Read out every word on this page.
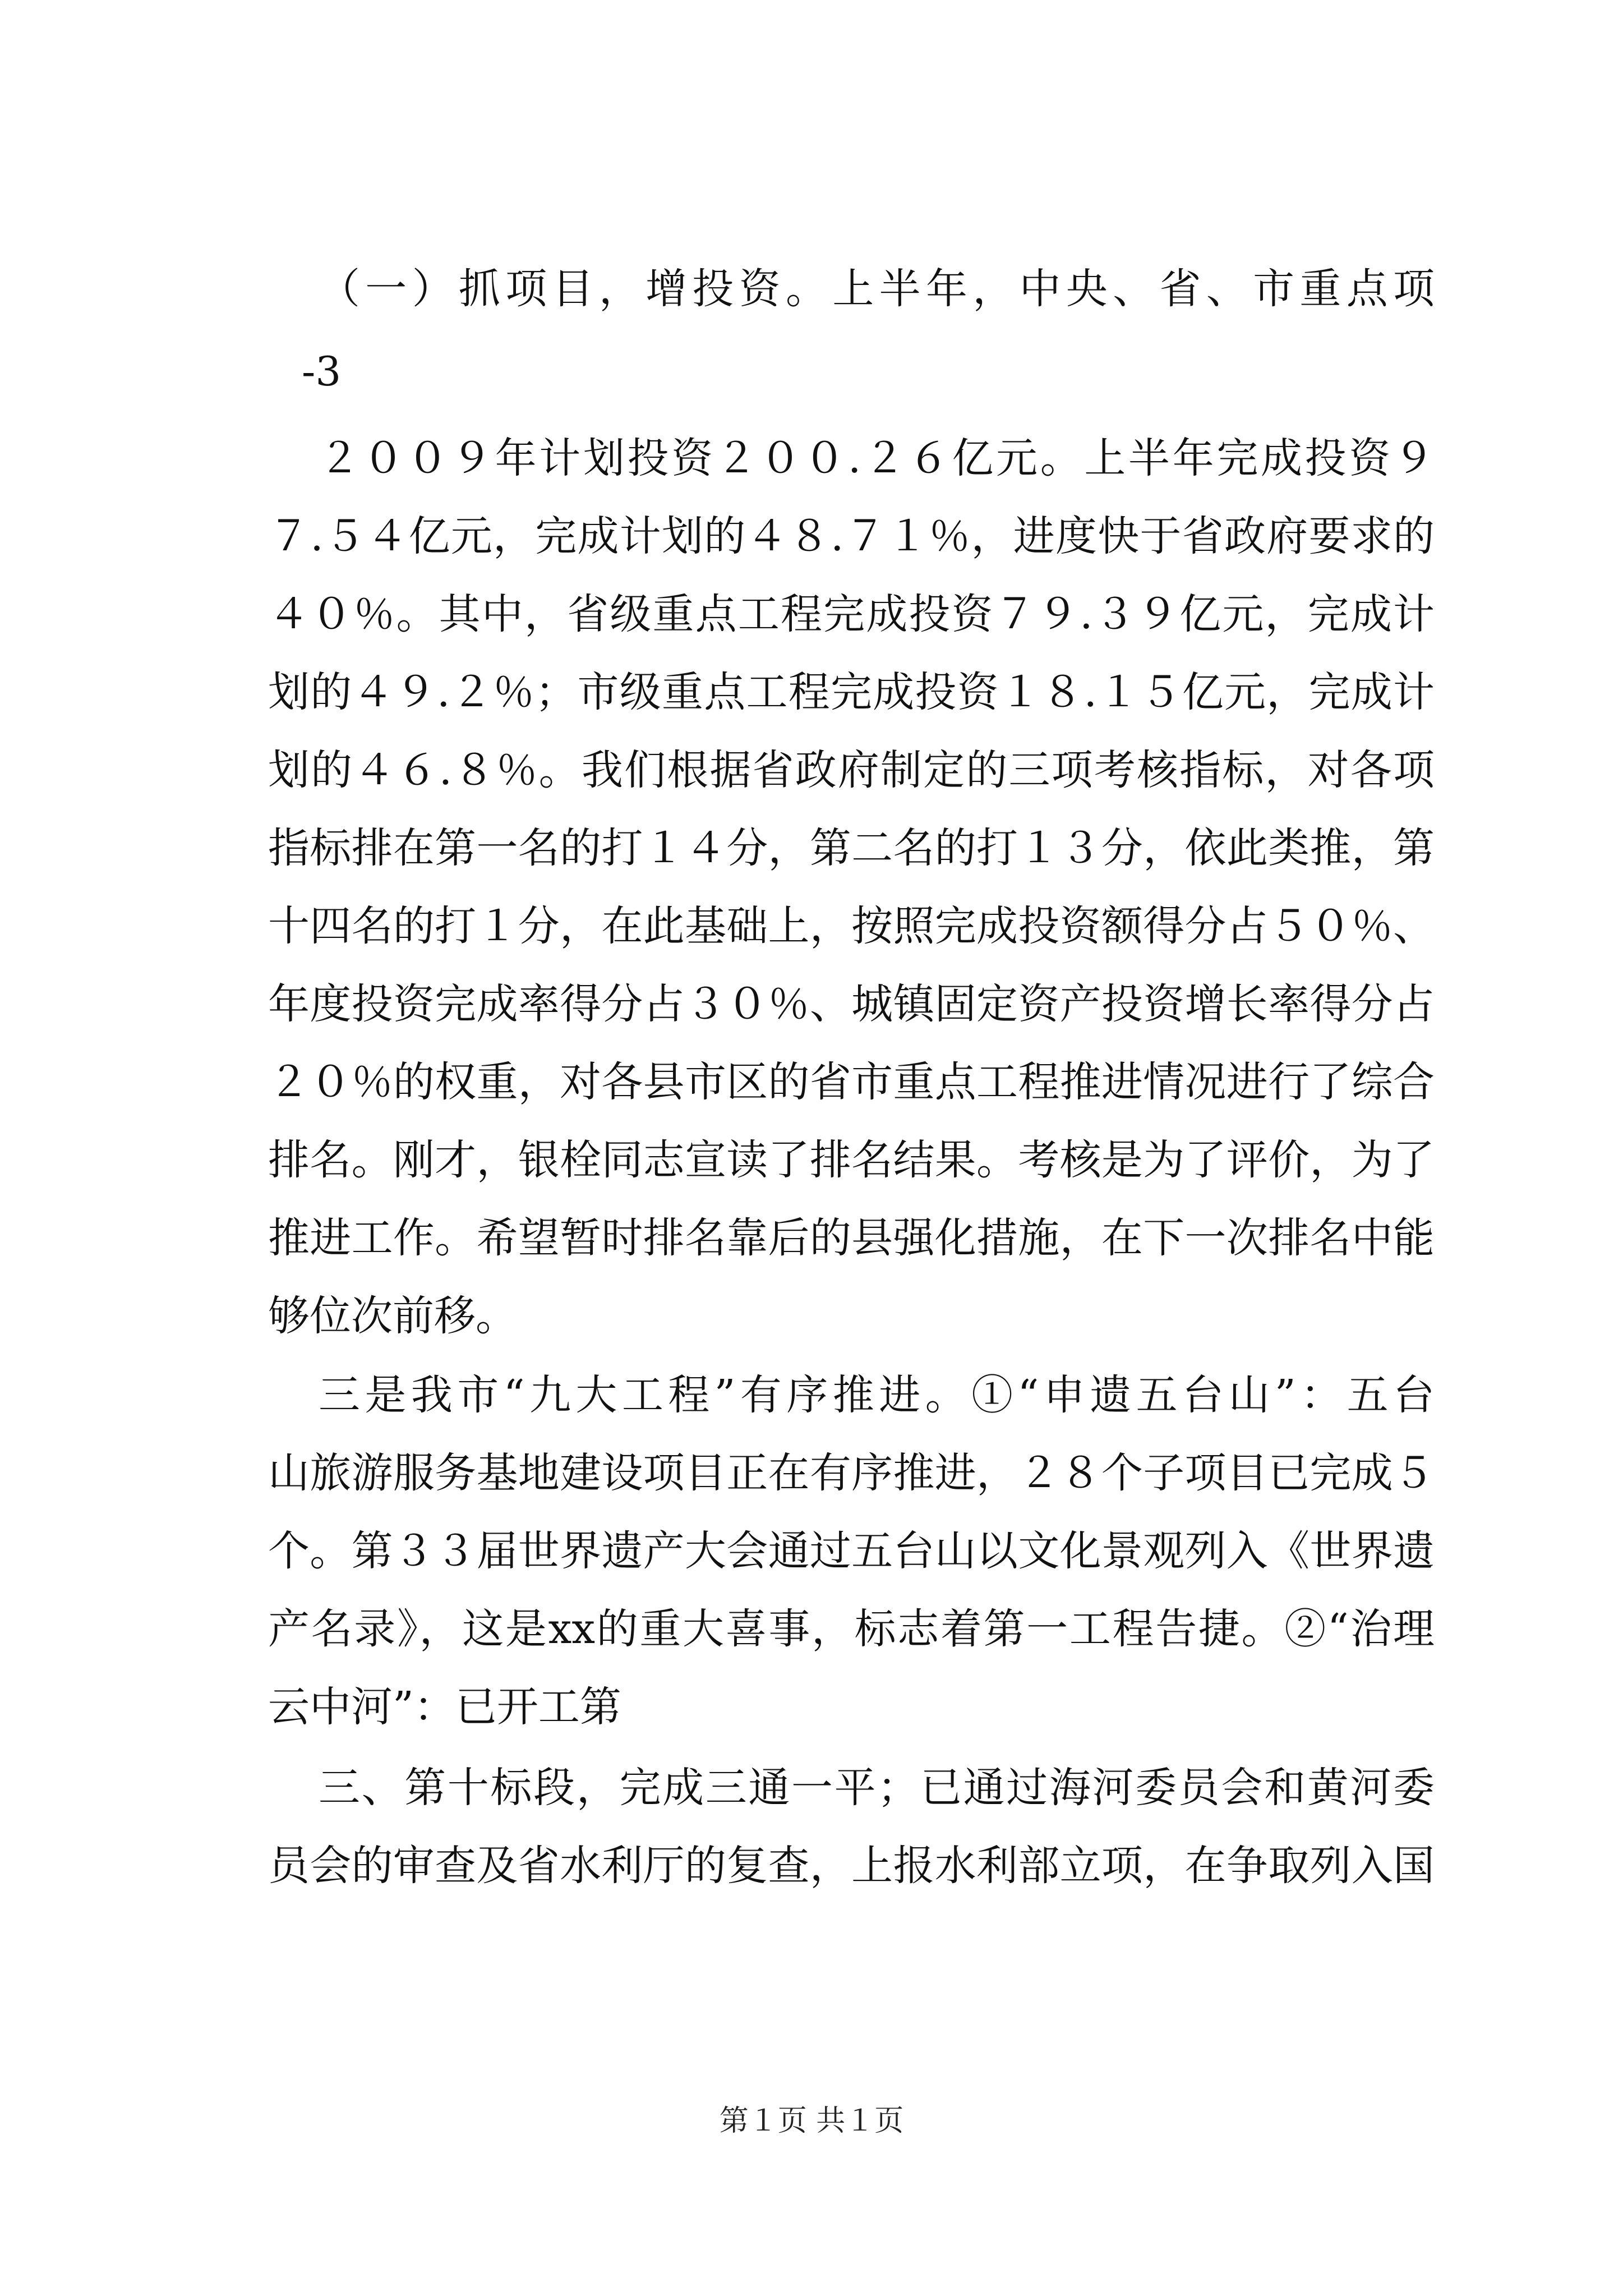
（一）抓项目，增投资。上半年，中央、省、市重点项
-3
２００９年计划投资２００.２６亿元。上半年完成投资９
７.５４亿元，完成计划的４８.７１％，进度快于省政府要求的
４０％。其中，省级重点工程完成投资７９.３９亿元，完成计
划的４９.２％；市级重点工程完成投资１８.１５亿元，完成计
划的４６.８％。我们根据省政府制定的三项考核指标，对各项
指标排在第一名的打１４分，第二名的打１３分，依此类推，第
十四名的打１分，在此基础上，按照完成投资额得分占５０％、
年度投资完成率得分占３０％、城镇固定资产投资增长率得分占
２０％的权重，对各县市区的省市重点工程推进情况进行了综合
排名。刚才，银栓同志宣读了排名结果。考核是为了评价，为了
推进工作。希望暂时排名靠后的县强化措施，在下一次排名中能
够位次前移。
三是我市“九大工程”有序推进。①“申遗五台山”：五台
山旅游服务基地建设项目正在有序推进，２８个子项目已完成５
个。第３３届世界遗产大会通过五台山以文化景观列入《世界遗
产名录》，这是xx的重大喜事，标志着第一工程告捷。②“治理
云中河”：已开工第
三、第十标段，完成三通一平；已通过海河委员会和黄河委
员会的审查及省水利厅的复查，上报水利部立项，在争取列入国
第１页 共１页
